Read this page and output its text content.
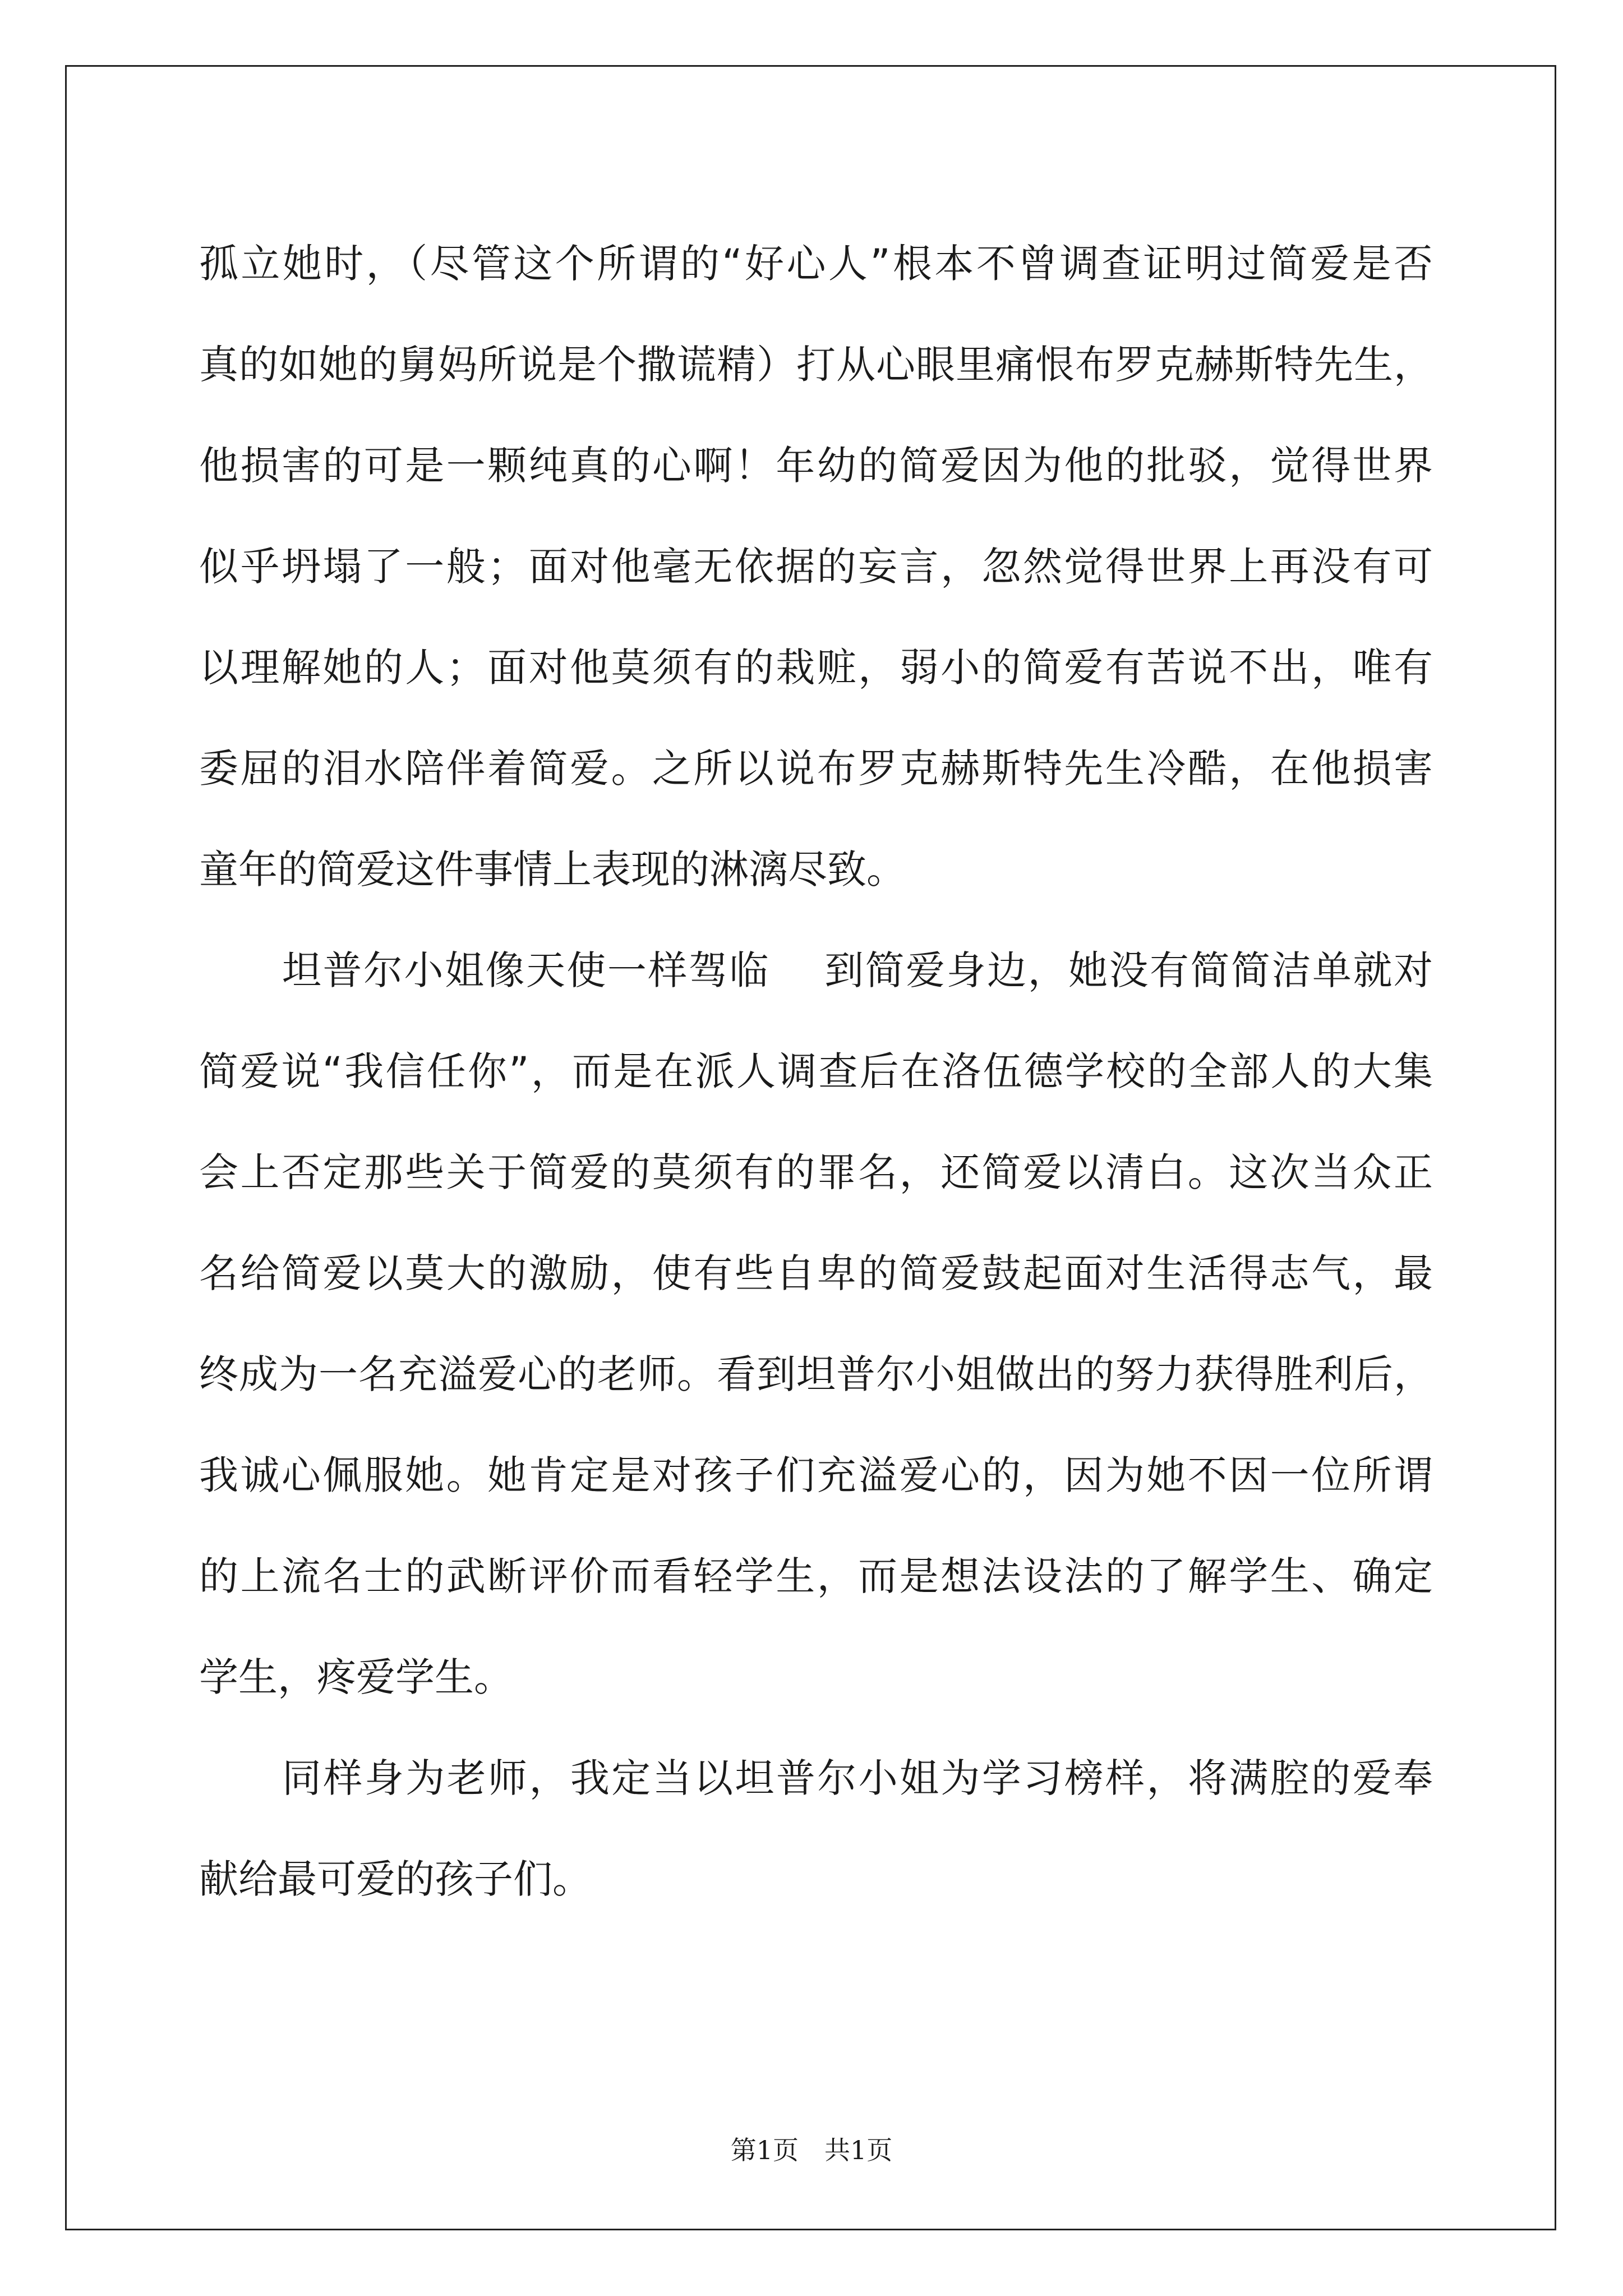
孤立她时，（尽管这个所谓的“好心人”根本不曾调查证明过简爱是否
真的如她的舅妈所说是个撒谎精）打从心眼里痛恨布罗克赫斯特先生，
他损害的可是一颗纯真的心啊！年幼的简爱因为他的批驳，觉得世界
似乎坍塌了一般；面对他毫无依据的妄言，忽然觉得世界上再没有可
以理解她的人；面对他莫须有的栽赃，弱小的简爱有苦说不出，唯有
委屈的泪水陪伴着简爱。之所以说布罗克赫斯特先生冷酷，在他损害
童年的简爱这件事情上表现的淋漓尽致。
坦普尔小姐像天使一样驾临　 到简爱身边，她没有简简洁单就对
简爱说“我信任你”，而是在派人调查后在洛伍德学校的全部人的大集
会上否定那些关于简爱的莫须有的罪名，还简爱以清白。这次当众正
名给简爱以莫大的激励，使有些自卑的简爱鼓起面对生活得志气，最
终成为一名充溢爱心的老师。看到坦普尔小姐做出的努力获得胜利后，
我诚心佩服她。她肯定是对孩子们充溢爱心的，因为她不因一位所谓
的上流名士的武断评价而看轻学生，而是想法设法的了解学生、确定
学生，疼爱学生。
同样身为老师，我定当以坦普尔小姐为学习榜样，将满腔的爱奉
献给最可爱的孩子们。
第1页　共1页
